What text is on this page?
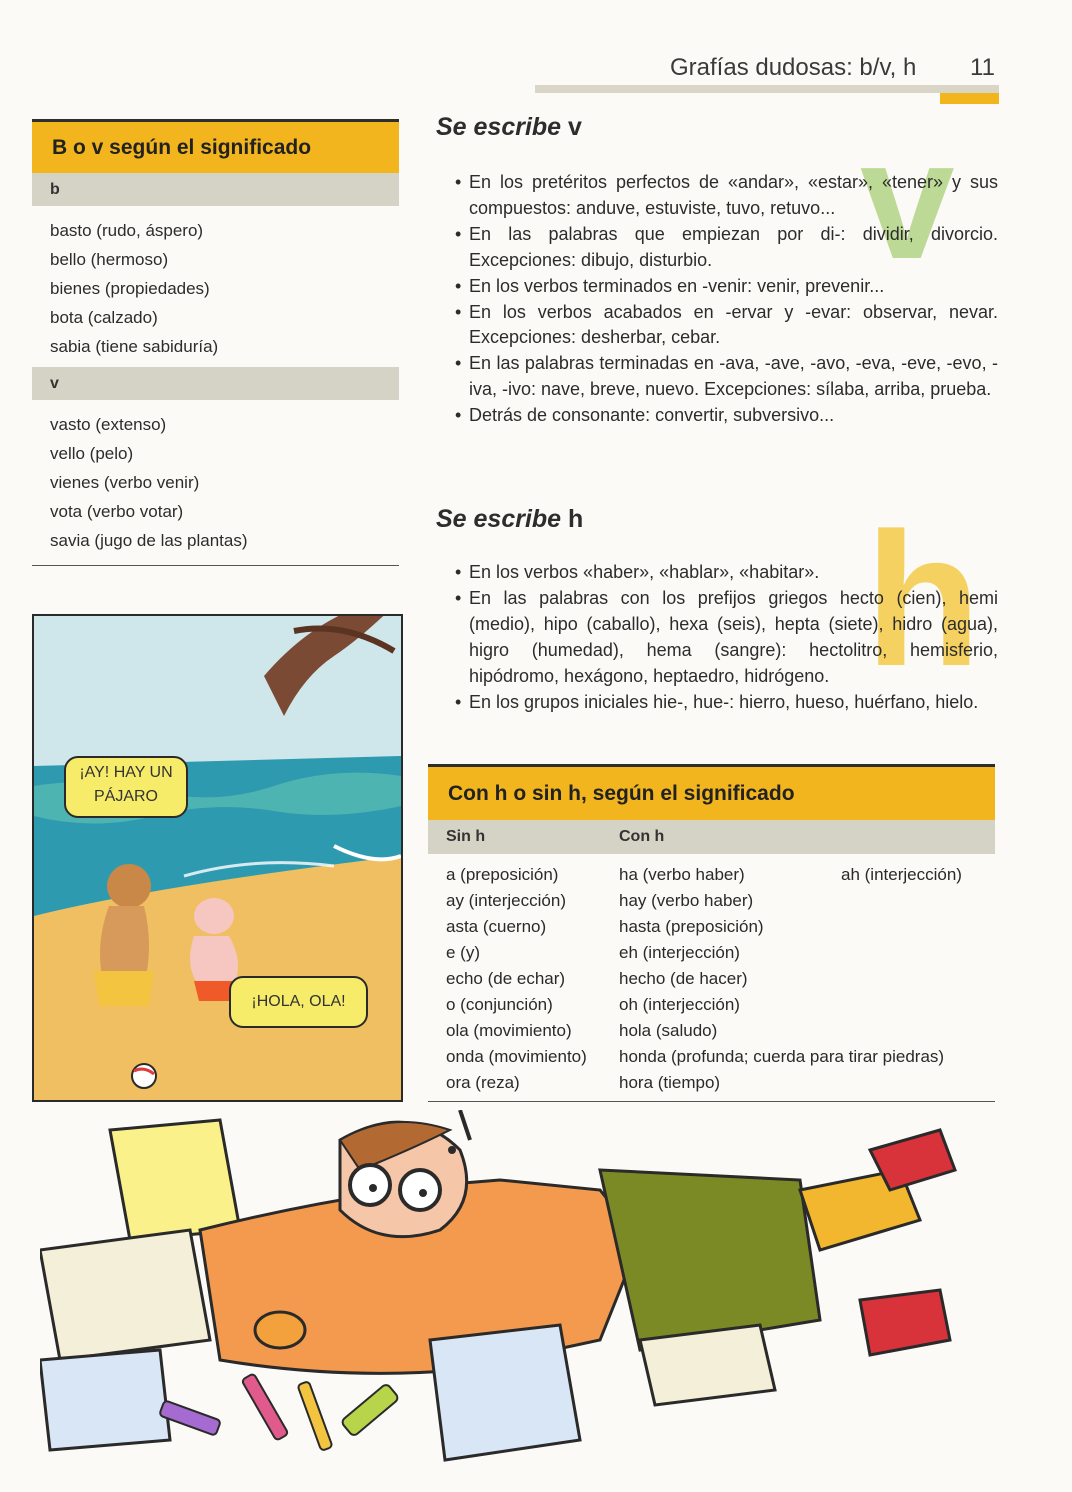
Grafías dudosas: b/v, h 11
B o v según el significado
b
basto (rudo, áspero)
bello (hermoso)
bienes (propiedades)
bota (calzado)
sabia (tiene sabiduría)
v
vasto (extenso)
vello (pelo)
vienes (verbo venir)
vota (verbo votar)
savia (jugo de las plantas)
v
Se escribe v

• En los pretéritos perfectos de «andar», «estar», «tener» y sus compuestos: anduve, estuviste, tuvo, retuvo...

• En las palabras que empiezan por di-: dividir, divorcio. Excepciones: dibujo, disturbio.

• En los verbos terminados en -venir: venir, prevenir...

• En los verbos acabados en -ervar y -evar: observar, nevar. Excepciones: desherbar, cebar.

• En las palabras terminadas en -ava, -ave, -avo, -eva, -eve, -evo, -iva, -ivo: nave, breve, nuevo. Excepciones: sílaba, arriba, prueba.

• Detrás de consonante: convertir, subversivo...

h
Se escribe h

• En los verbos «haber», «hablar», «habitar».

• En las palabras con los prefijos griegos hecto (cien), hemi (medio), hipo (caballo), hexa (seis), hepta (siete), hidro (agua), higro (humedad), hema (sangre): hectolitro, hemisferio, hipódromo, hexágono, heptaedro, hidrógeno.

• En los grupos iniciales hie-, hue-: hierro, hueso, huérfano, hielo.

Con h o sin h, según el significado
Sin h	Con h
a (preposición)	ha (verbo haber)	ah (interjección)
ay (interjección)	hay (verbo haber)
asta (cuerno)	hasta (preposición)
e (y)	eh (interjección)
echo (de echar)	hecho (de hacer)
o (conjunción)	oh (interjección)
ola (movimiento)	hola (saludo)
onda (movimiento)	honda (profunda; cuerda para tirar piedras)
ora (reza)	hora (tiempo)
¡AY! HAY UN PÁJARO
¡HOLA, OLA!
